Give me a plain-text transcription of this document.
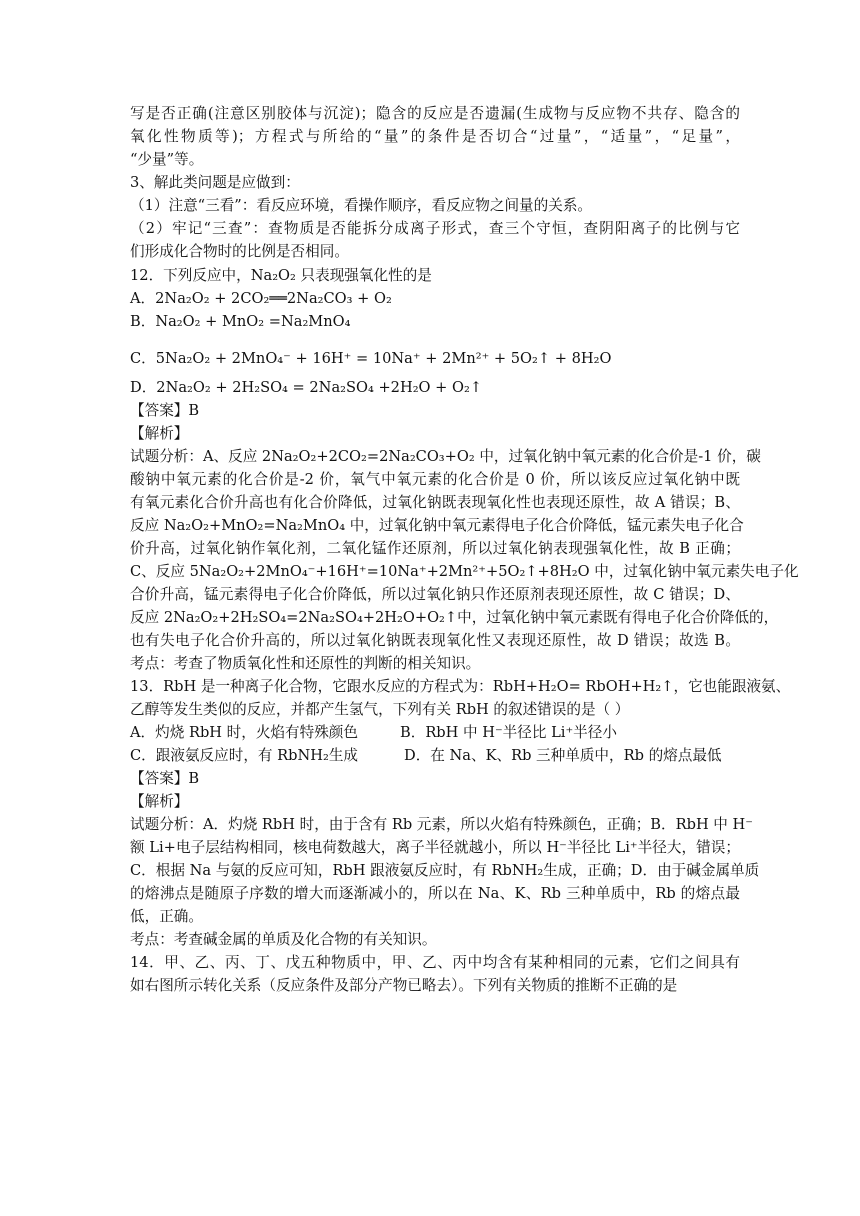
写是否正确(注意区别胶体与沉淀)；隐含的反应是否遗漏(生成物与反应物不共存、隐含的
氧化性物质等)；方程式与所给的“量”的条件是否切合“过量”，“适量”，“足量”，
“少量”等。
3、解此类问题是应做到：
（1）注意“三看”：看反应环境，看操作顺序，看反应物之间量的关系。
（2）牢记“三查”：查物质是否能拆分成离子形式，查三个守恒，查阴阳离子的比例与它
们形成化合物时的比例是否相同。
12．下列反应中，Na₂O₂ 只表现强氧化性的是
A．2Na₂O₂ + 2CO₂══2Na₂CO₃ + O₂
B．Na₂O₂ + MnO₂ =Na₂MnO₄
C．5Na₂O₂ + 2MnO₄⁻ + 16H⁺ = 10Na⁺ + 2Mn²⁺ + 5O₂↑ + 8H₂O
D．2Na₂O₂ + 2H₂SO₄ = 2Na₂SO₄ +2H₂O + O₂↑
【答案】B
【解析】
试题分析：A、反应 2Na₂O₂+2CO₂=2Na₂CO₃+O₂ 中，过氧化钠中氧元素的化合价是-1 价，碳
酸钠中氧元素的化合价是-2 价，氧气中氧元素的化合价是 0 价，所以该反应过氧化钠中既
有氧元素化合价升高也有化合价降低，过氧化钠既表现氧化性也表现还原性，故 A 错误；B、
反应 Na₂O₂+MnO₂=Na₂MnO₄ 中，过氧化钠中氧元素得电子化合价降低，锰元素失电子化合
价升高，过氧化钠作氧化剂，二氧化锰作还原剂，所以过氧化钠表现强氧化性，故 B 正确；
C、反应 5Na₂O₂+2MnO₄⁻+16H⁺=10Na⁺+2Mn²⁺+5O₂↑+8H₂O 中，过氧化钠中氧元素失电子化
合价升高，锰元素得电子化合价降低，所以过氧化钠只作还原剂表现还原性，故 C 错误；D、
反应 2Na₂O₂+2H₂SO₄=2Na₂SO₄+2H₂O+O₂↑中，过氧化钠中氧元素既有得电子化合价降低的，
也有失电子化合价升高的，所以过氧化钠既表现氧化性又表现还原性，故 D 错误；故选 B。
考点：考查了物质氧化性和还原性的判断的相关知识。
13．RbH 是一种离子化合物，它跟水反应的方程式为：RbH+H₂O= RbOH+H₂↑，它也能跟液氨、
乙醇等发生类似的反应，并都产生氢气，下列有关 RbH 的叙述错误的是（ ）
A．灼烧 RbH 时，火焰有特殊颜色	B．RbH 中 H⁻半径比 Li⁺半径小
C．跟液氨反应时，有 RbNH₂生成	D．在 Na、K、Rb 三种单质中，Rb 的熔点最低
【答案】B
【解析】
试题分析：A．灼烧 RbH 时，由于含有 Rb 元素，所以火焰有特殊颜色，正确；B．RbH 中 H⁻
额 Li+电子层结构相同，核电荷数越大，离子半径就越小，所以 H⁻半径比 Li⁺半径大，错误；
C．根据 Na 与氨的反应可知，RbH 跟液氨反应时，有 RbNH₂生成，正确；D．由于碱金属单质
的熔沸点是随原子序数的增大而逐渐减小的，所以在 Na、K、Rb 三种单质中，Rb 的熔点最
低，正确。
考点：考查碱金属的单质及化合物的有关知识。
14．甲、乙、丙、丁、戊五种物质中，甲、乙、丙中均含有某种相同的元素，它们之间具有
如右图所示转化关系（反应条件及部分产物已略去）。下列有关物质的推断不正确的是
